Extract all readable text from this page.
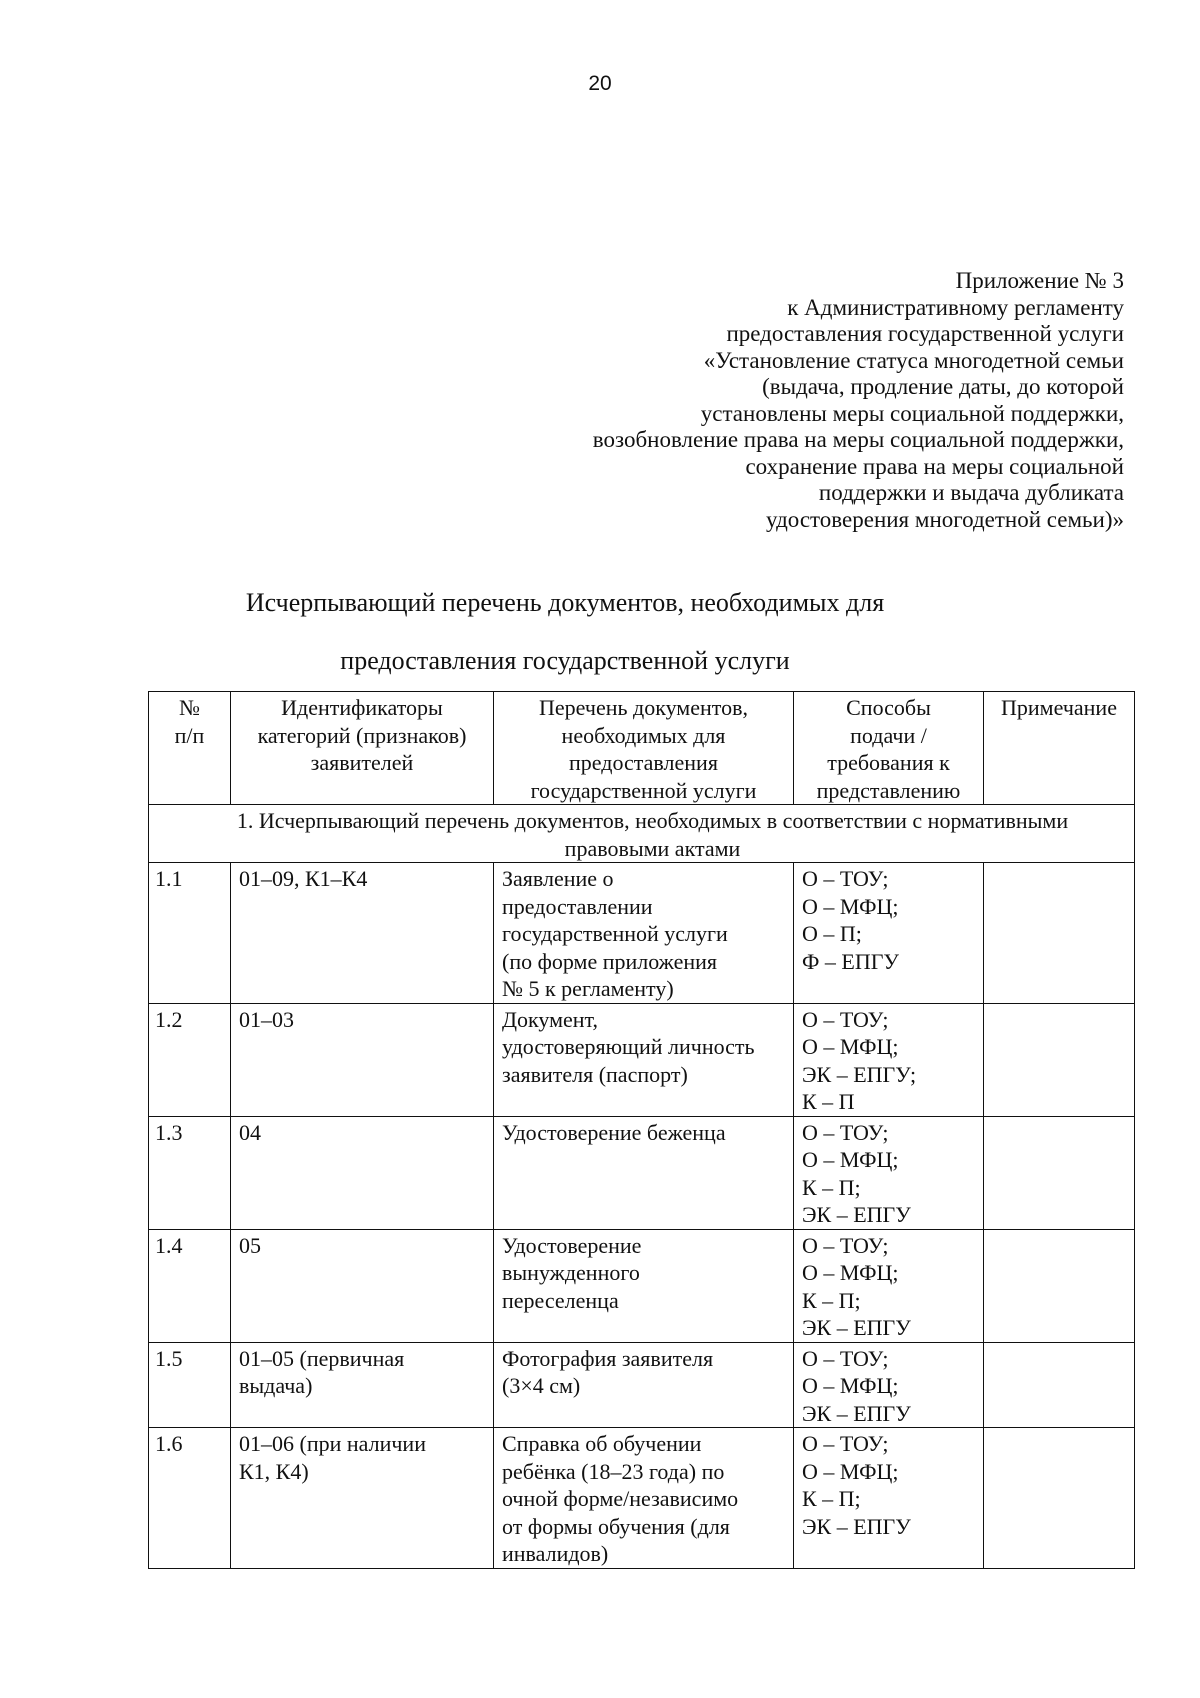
20
Приложение № 3
к Административному регламенту
предоставления государственной услуги
«Установление статуса многодетной семьи
(выдача, продление даты, до которой
установлены меры социальной поддержки,
возобновление права на меры социальной поддержки,
сохранение права на меры социальной
поддержки и выдача дубликата
удостоверения многодетной семьи)»
Исчерпывающий перечень документов, необходимых для
предоставления государственной услуги
№
п/п	Идентификаторы
категорий (признаков)
заявителей	Перечень документов,
необходимых для
предоставления
государственной услуги	Способы
подачи /
требования к
представлению	Примечание

1. Исчерпывающий перечень документов, необходимых в соответствии с нормативными
правовыми актами				

1.1	01–09, К1–К4	Заявление о
предоставлении
государственной услуги
(по форме приложения
№ 5 к регламенту)	О – ТОУ;
О – МФЦ;
О – П;
Ф – ЕПГУ	

1.2	01–03	Документ,
удостоверяющий личность
заявителя (паспорт)	О – ТОУ;
О – МФЦ;
ЭК – ЕПГУ;
К – П	

1.3	04	Удостоверение беженца	О – ТОУ;
О – МФЦ;
К – П;
ЭК – ЕПГУ	

1.4	05	Удостоверение
вынужденного
переселенца	О – ТОУ;
О – МФЦ;
К – П;
ЭК – ЕПГУ	

1.5	01–05 (первичная
выдача)	Фотография заявителя
(3×4 см)	О – ТОУ;
О – МФЦ;
ЭК – ЕПГУ	

1.6	01–06 (при наличии
К1, К4)	Справка об обучении
ребёнка (18–23 года) по
очной форме/независимо
от формы обучения (для
инвалидов)	О – ТОУ;
О – МФЦ;
К – П;
ЭК – ЕПГУ	
